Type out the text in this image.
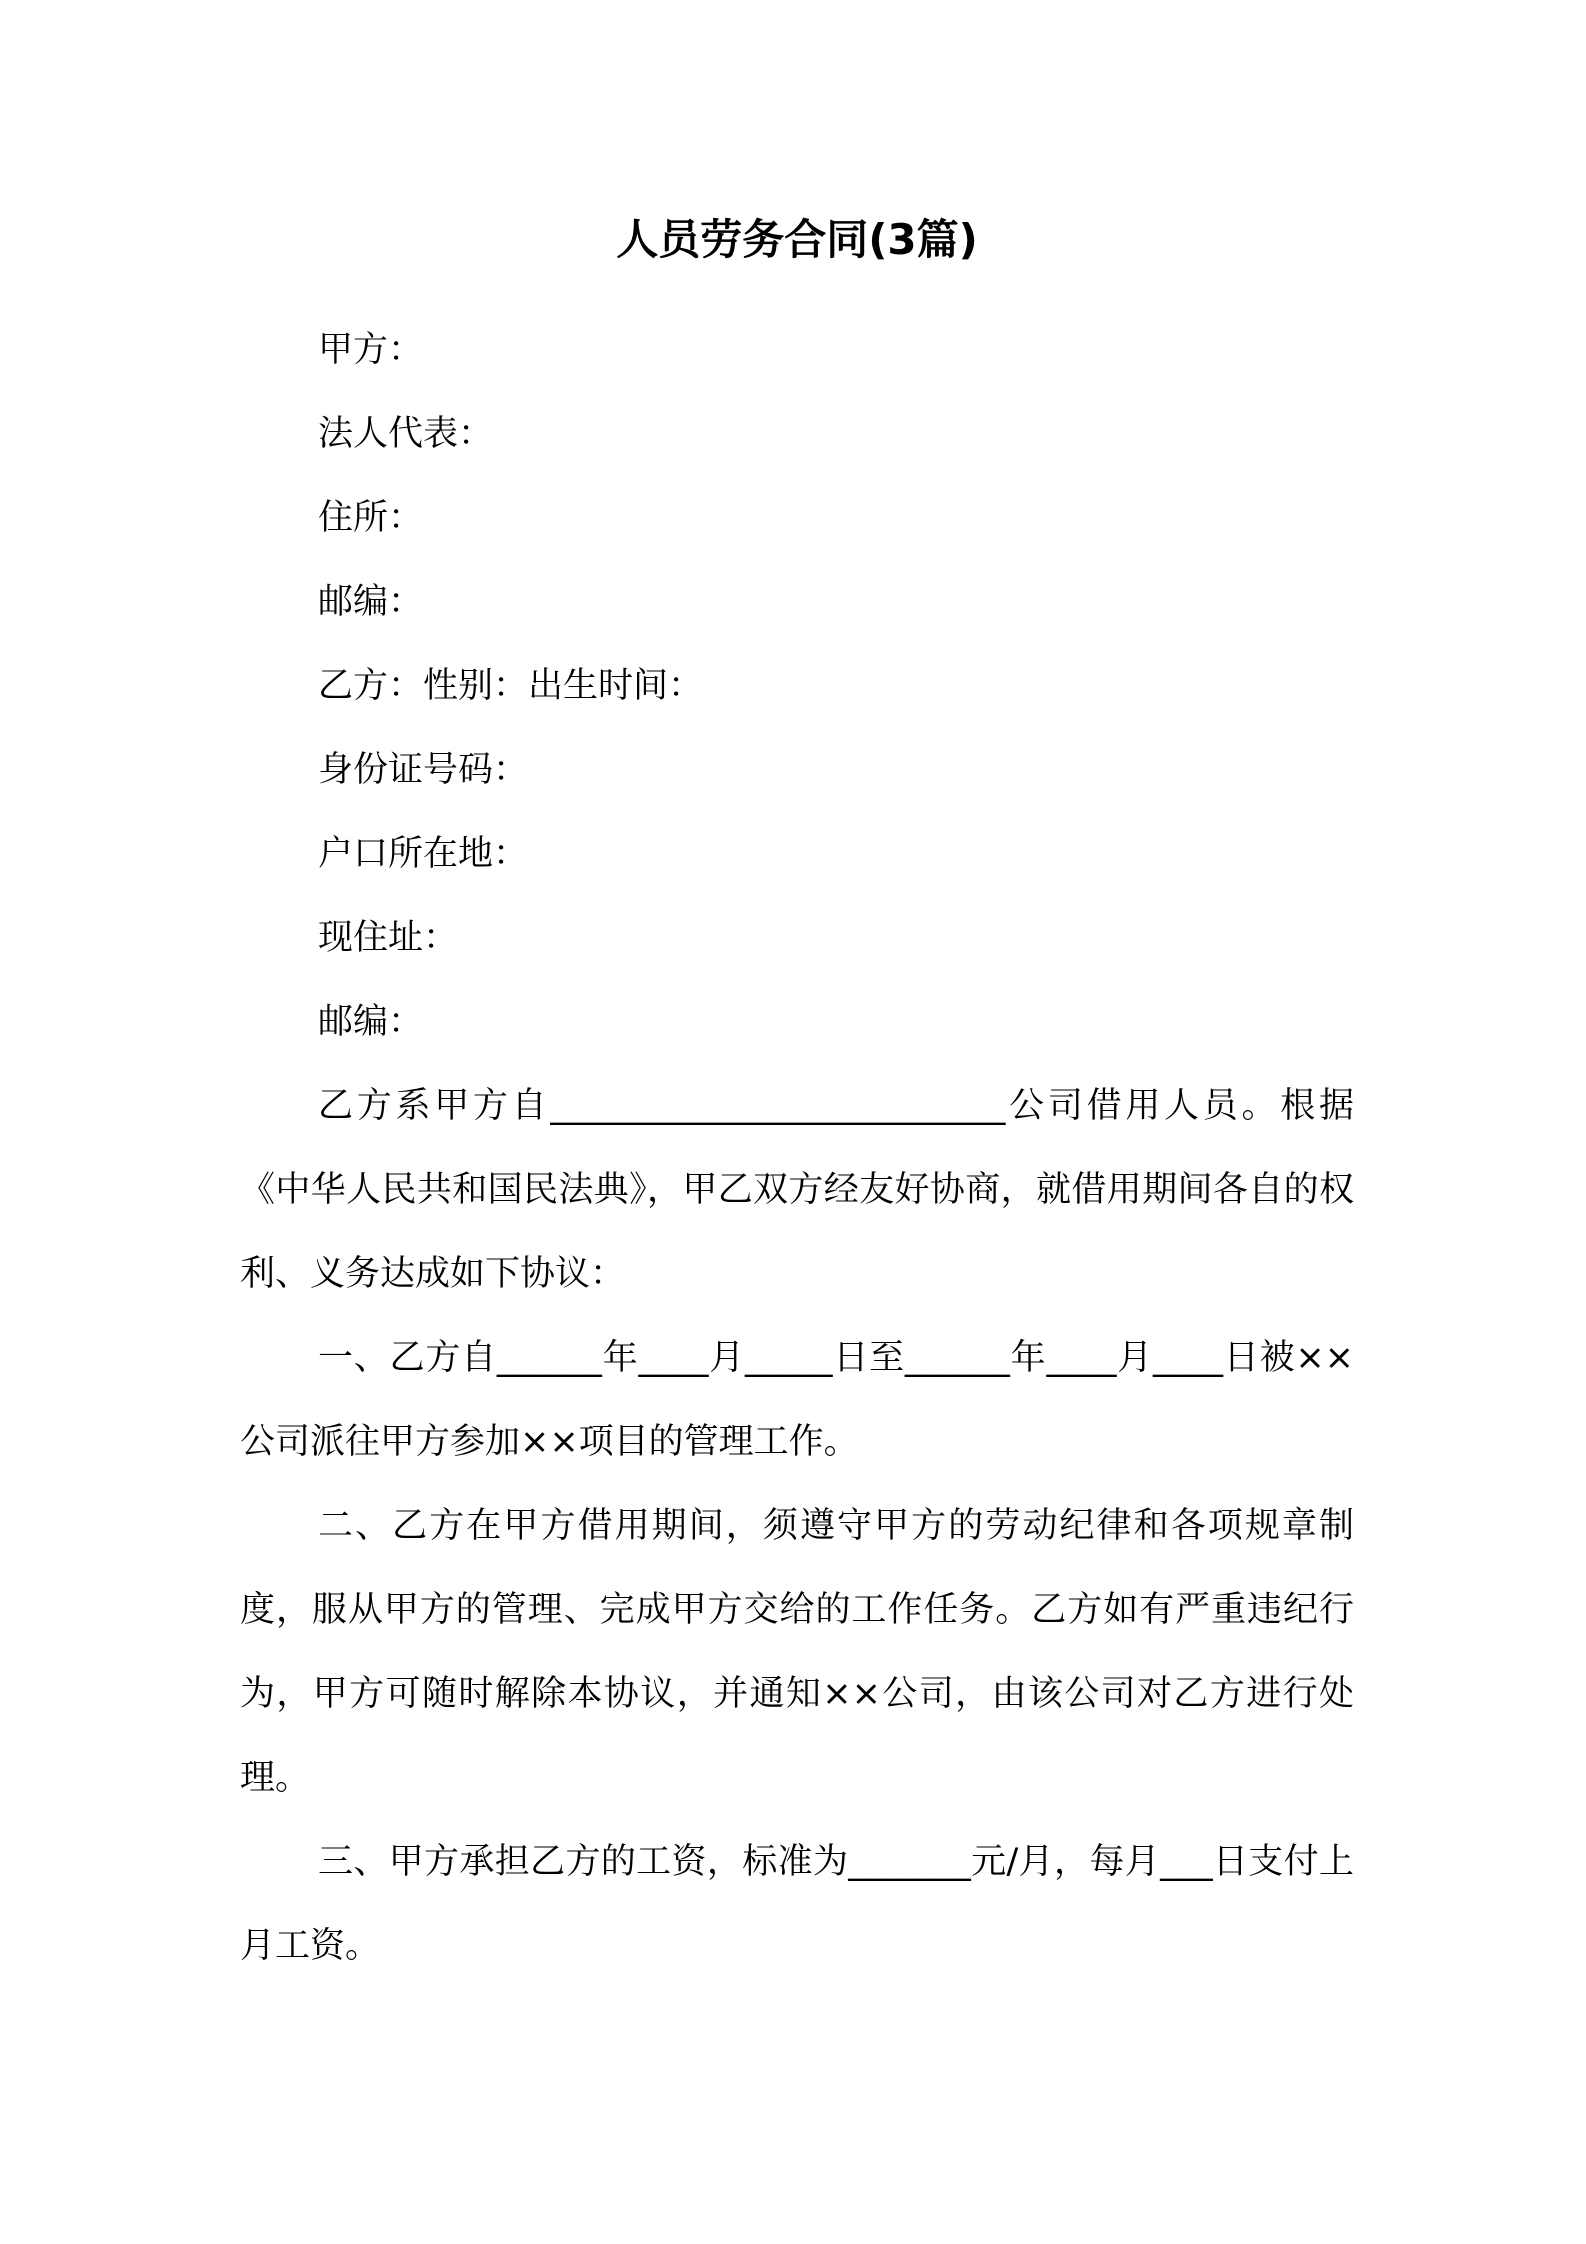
人员劳务合同(3篇)

甲方：

法人代表：

住所：

邮编：

乙方：性别：出生时间：

身份证号码：

户口所在地：

现住址：

邮编：

乙方系甲方自__________________________公司借用人员。根据《中华人民共和国民法典》，甲乙双方经友好协商，就借用期间各自的权利、义务达成如下协议：

一、乙方自______年____月_____日至______年____月____日被××公司派往甲方参加××项目的管理工作。

二、乙方在甲方借用期间，须遵守甲方的劳动纪律和各项规章制度，服从甲方的管理、完成甲方交给的工作任务。乙方如有严重违纪行为，甲方可随时解除本协议，并通知××公司，由该公司对乙方进行处理。

三、甲方承担乙方的工资，标准为_______元/月，每月___日支付上月工资。
